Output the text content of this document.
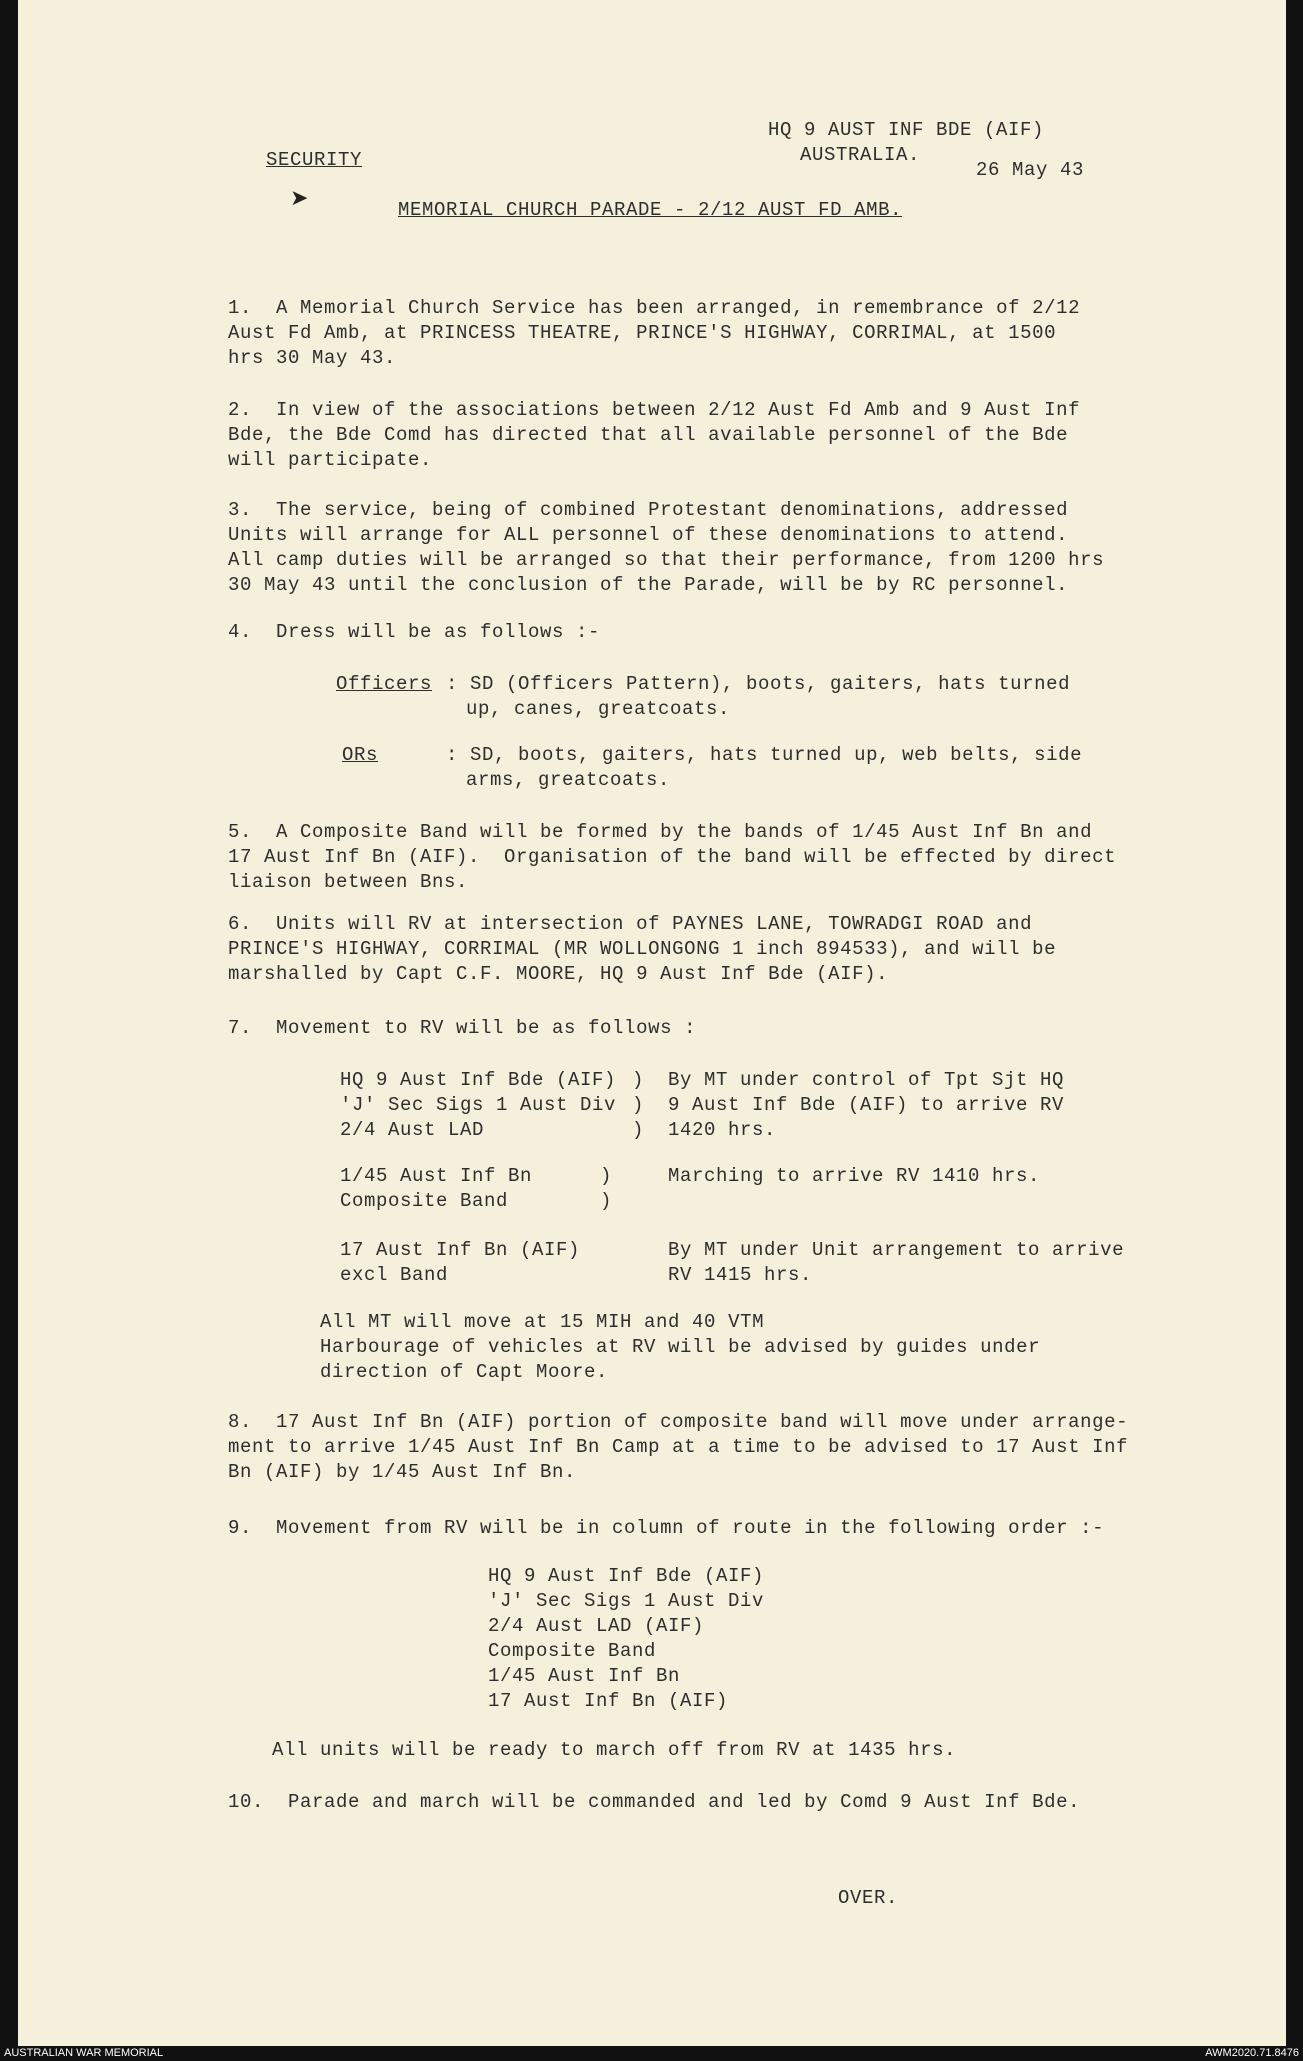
SECURITY
HQ 9 AUST INF BDE (AIF)
AUSTRALIA.
26 May 43
MEMORIAL CHURCH PARADE - 2/12 AUST FD AMB.
➤
1.  A Memorial Church Service has been arranged, in remembrance of 2/12
Aust Fd Amb, at PRINCESS THEATRE, PRINCE'S HIGHWAY, CORRIMAL, at 1500
hrs 30 May 43.
2.  In view of the associations between 2/12 Aust Fd Amb and 9 Aust Inf
Bde, the Bde Comd has directed that all available personnel of the Bde
will participate.
3.  The service, being of combined Protestant denominations, addressed
Units will arrange for ALL personnel of these denominations to attend.
All camp duties will be arranged so that their performance, from 1200 hrs
30 May 43 until the conclusion of the Parade, will be by RC personnel.
4.  Dress will be as follows :-
Officers : SD (Officers Pattern), boots, gaiters, hats turned
up, canes, greatcoats.
ORs	: SD, boots, gaiters, hats turned up, web belts, side
arms, greatcoats.
5.  A Composite Band will be formed by the bands of 1/45 Aust Inf Bn and
17 Aust Inf Bn (AIF).  Organisation of the band will be effected by direct
liaison between Bns.
6.  Units will RV at intersection of PAYNES LANE, TOWRADGI ROAD and
PRINCE'S HIGHWAY, CORRIMAL (MR WOLLONGONG 1 inch 894533), and will be
marshalled by Capt C.F. MOORE, HQ 9 Aust Inf Bde (AIF).
7.  Movement to RV will be as follows :
HQ 9 Aust Inf Bde (AIF)
'J' Sec Sigs 1 Aust Div
2/4 Aust LAD
)
)
)
By MT under control of Tpt Sjt HQ
9 Aust Inf Bde (AIF) to arrive RV
1420 hrs.
1/45 Aust Inf Bn
Composite Band
)
)
Marching to arrive RV 1410 hrs.
17 Aust Inf Bn (AIF)
excl Band
By MT under Unit arrangement to arrive
RV 1415 hrs.
All MT will move at 15 MIH and 40 VTM
Harbourage of vehicles at RV will be advised by guides under
direction of Capt Moore.
8.  17 Aust Inf Bn (AIF) portion of composite band will move under arrange-
ment to arrive 1/45 Aust Inf Bn Camp at a time to be advised to 17 Aust Inf
Bn (AIF) by 1/45 Aust Inf Bn.
9.  Movement from RV will be in column of route in the following order :-
HQ 9 Aust Inf Bde (AIF)
'J' Sec Sigs 1 Aust Div
2/4 Aust LAD (AIF)
Composite Band
1/45 Aust Inf Bn
17 Aust Inf Bn (AIF)
All units will be ready to march off from RV at 1435 hrs.
10.  Parade and march will be commanded and led by Comd 9 Aust Inf Bde.
OVER.
AUSTRALIAN WAR MEMORIAL	AWM2020.71.8476
